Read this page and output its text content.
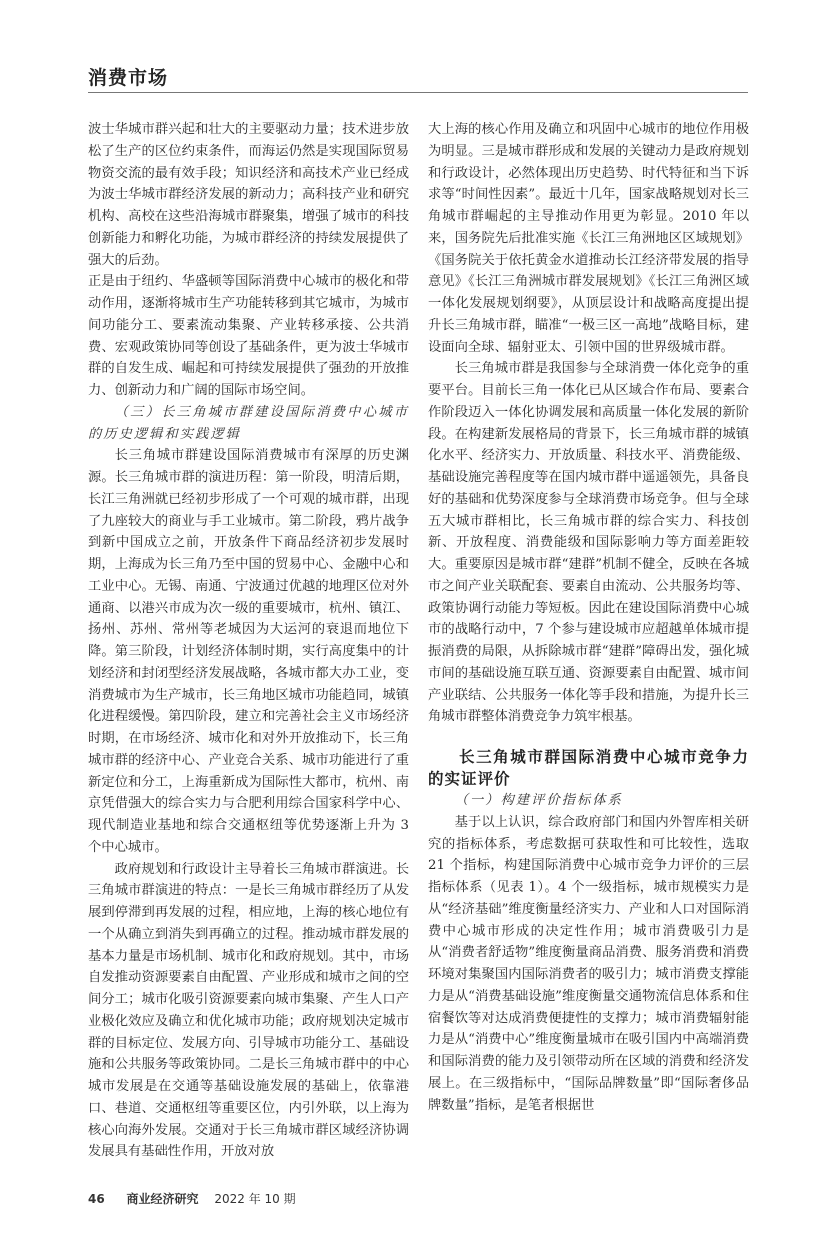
消费市场

波士华城市群兴起和壮大的主要驱动力量；技术进步放松了生产的区位约束条件，而海运仍然是实现国际贸易物资交流的最有效手段；知识经济和高技术产业已经成为波士华城市群经济发展的新动力；高科技产业和研究机构、高校在这些沿海城市群聚集，增强了城市的科技创新能力和孵化功能，为城市群经济的持续发展提供了强大的后劲。

正是由于纽约、华盛顿等国际消费中心城市的极化和带动作用，逐渐将城市生产功能转移到其它城市，为城市间功能分工、要素流动集聚、产业转移承接、公共消费、宏观政策协同等创设了基础条件，更为波士华城市群的自发生成、崛起和可持续发展提供了强劲的开放推力、创新动力和广阔的国际市场空间。

（三）长三角城市群建设国际消费中心城市的历史逻辑和实践逻辑

长三角城市群建设国际消费城市有深厚的历史渊源。长三角城市群的演进历程：第一阶段，明清后期，长江三角洲就已经初步形成了一个可观的城市群，出现了九座较大的商业与手工业城市。第二阶段，鸦片战争到新中国成立之前，开放条件下商品经济初步发展时期，上海成为长三角乃至中国的贸易中心、金融中心和工业中心。无锡、南通、宁波通过优越的地理区位对外通商、以港兴市成为次一级的重要城市，杭州、镇江、扬州、苏州、常州等老城因为大运河的衰退而地位下降。第三阶段，计划经济体制时期，实行高度集中的计划经济和封闭型经济发展战略，各城市都大办工业，变消费城市为生产城市，长三角地区城市功能趋同，城镇化进程缓慢。第四阶段，建立和完善社会主义市场经济时期，在市场经济、城市化和对外开放推动下，长三角城市群的经济中心、产业竞合关系、城市功能进行了重新定位和分工，上海重新成为国际性大都市，杭州、南京凭借强大的综合实力与合肥利用综合国家科学中心、现代制造业基地和综合交通枢纽等优势逐渐上升为 3 个中心城市。

政府规划和行政设计主导着长三角城市群演进。长三角城市群演进的特点：一是长三角城市群经历了从发展到停滞到再发展的过程，相应地，上海的核心地位有一个从确立到消失到再确立的过程。推动城市群发展的基本力量是市场机制、城市化和政府规划。其中，市场自发推动资源要素自由配置、产业形成和城市之间的空间分工；城市化吸引资源要素向城市集聚、产生人口产业极化效应及确立和优化城市功能；政府规划决定城市群的目标定位、发展方向、引导城市功能分工、基础设施和公共服务等政策协同。二是长三角城市群中的中心城市发展是在交通等基础设施发展的基础上，依靠港口、巷道、交通枢纽等重要区位，内引外联，以上海为核心向海外发展。交通对于长三角城市群区域经济协调发展具有基础性作用，开放对放

大上海的核心作用及确立和巩固中心城市的地位作用极为明显。三是城市群形成和发展的关键动力是政府规划和行政设计，必然体现出历史趋势、时代特征和当下诉求等“时间性因素”。最近十几年，国家战略规划对长三角城市群崛起的主导推动作用更为彰显。2010 年以来，国务院先后批准实施《长江三角洲地区区域规划》《国务院关于依托黄金水道推动长江经济带发展的指导意见》《长江三角洲城市群发展规划》《长江三角洲区域一体化发展规划纲要》，从顶层设计和战略高度提出提升长三角城市群，瞄准“一极三区一高地”战略目标，建设面向全球、辐射亚太、引领中国的世界级城市群。

长三角城市群是我国参与全球消费一体化竞争的重要平台。目前长三角一体化已从区域合作布局、要素合作阶段迈入一体化协调发展和高质量一体化发展的新阶段。在构建新发展格局的背景下，长三角城市群的城镇化水平、经济实力、开放质量、科技水平、消费能级、基础设施完善程度等在国内城市群中遥遥领先，具备良好的基础和优势深度参与全球消费市场竞争。但与全球五大城市群相比，长三角城市群的综合实力、科技创新、开放程度、消费能级和国际影响力等方面差距较大。重要原因是城市群“建群”机制不健全，反映在各城市之间产业关联配套、要素自由流动、公共服务均等、政策协调行动能力等短板。因此在建设国际消费中心城市的战略行动中，7 个参与建设城市应超越单体城市提振消费的局限，从拆除城市群“建群”障碍出发，强化城市间的基础设施互联互通、资源要素自由配置、城市间产业联结、公共服务一体化等手段和措施，为提升长三角城市群整体消费竞争力筑牢根基。

长三角城市群国际消费中心城市竞争力的实证评价

（一）构建评价指标体系

基于以上认识，综合政府部门和国内外智库相关研究的指标体系，考虑数据可获取性和可比较性，选取 21 个指标，构建国际消费中心城市竞争力评价的三层指标体系（见表 1）。4 个一级指标，城市规模实力是从“经济基础”维度衡量经济实力、产业和人口对国际消费中心城市形成的决定性作用；城市消费吸引力是从“消费者舒适物”维度衡量商品消费、服务消费和消费环境对集聚国内国际消费者的吸引力；城市消费支撑能力是从“消费基础设施”维度衡量交通物流信息体系和住宿餐饮等对达成消费便捷性的支撑力；城市消费辐射能力是从“消费中心”维度衡量城市在吸引国内中高端消费和国际消费的能力及引领带动所在区域的消费和经济发展上。在三级指标中，“国际品牌数量”即“国际奢侈品牌数量”指标，是笔者根据世

46 商业经济研究 2022 年 10 期
